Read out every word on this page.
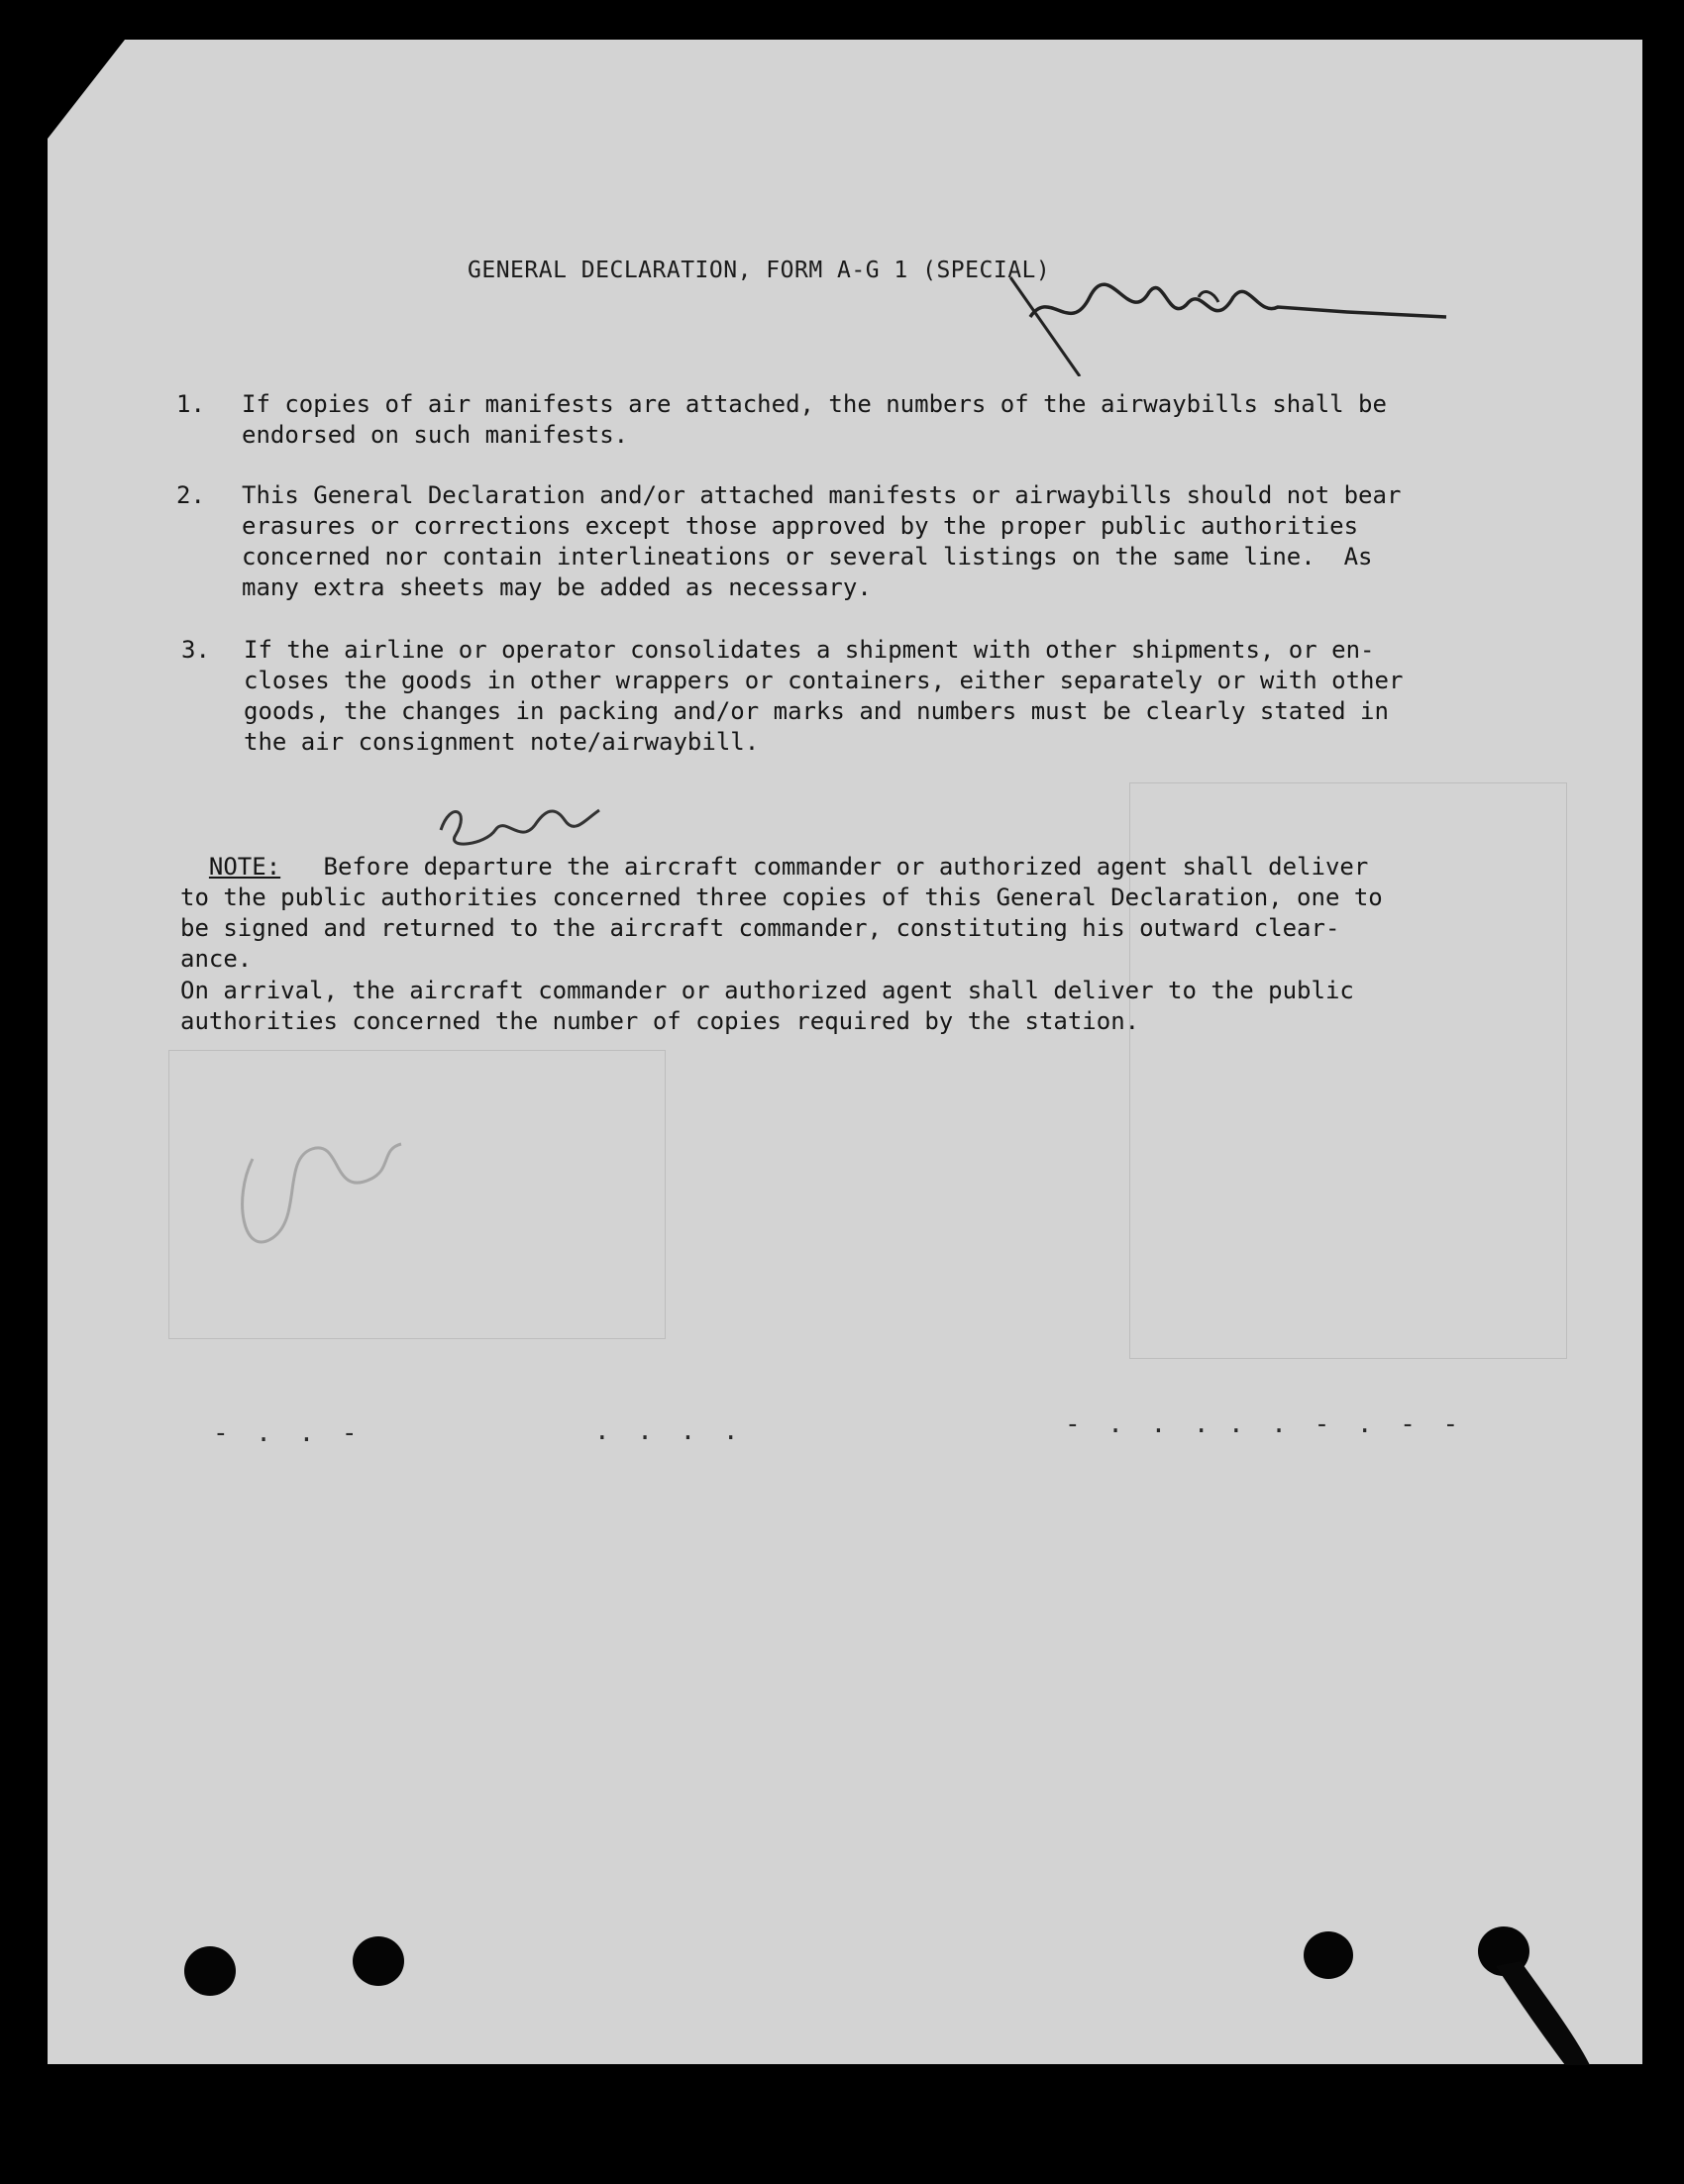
GENERAL DECLARATION, FORM A-G 1 (SPECIAL)
1. If copies of air manifests are attached, the numbers of the airwaybills shall be
endorsed on such manifests.
2. This General Declaration and/or attached manifests or airwaybills should not bear
erasures or corrections except those approved by the proper public authorities
concerned nor contain interlineations or several listings on the same line.  As
many extra sheets may be added as necessary.
3. If the airline or operator consolidates a shipment with other shipments, or en-
closes the goods in other wrappers or containers, either separately or with other
goods, the changes in packing and/or marks and numbers must be clearly stated in
the air consignment note/airwaybill.

NOTE:   Before departure the aircraft commander or authorized agent shall deliver
to the public authorities concerned three copies of this General Declaration, one to
be signed and returned to the aircraft commander, constituting his outward clear-
ance.

On arrival, the aircraft commander or authorized agent shall deliver to the public
authorities concerned the number of copies required by the station.
- . . -	. . . .	- . . . . . - . - -
